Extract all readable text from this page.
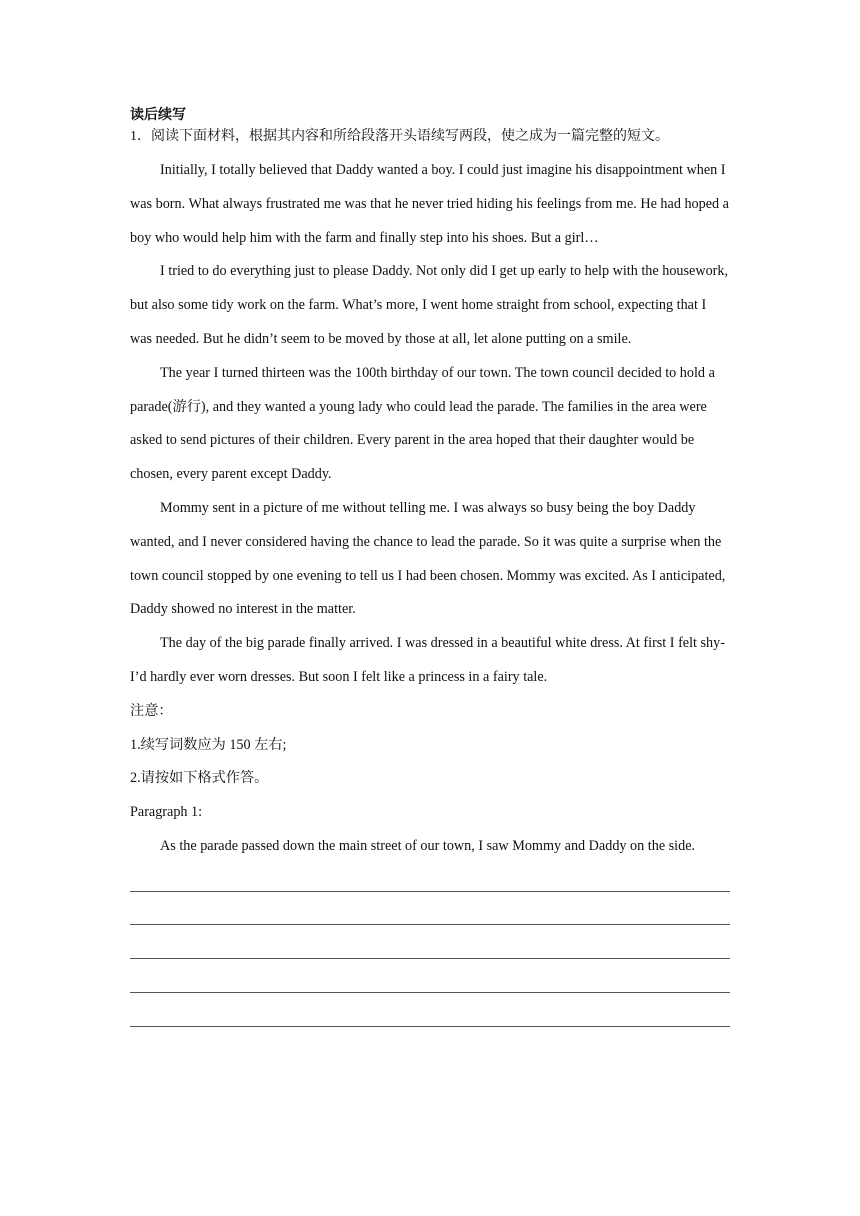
读后续写

1．阅读下面材料，根据其内容和所给段落开头语续写两段，使之成为一篇完整的短文。

Initially, I totally believed that Daddy wanted a boy. I could just imagine his disappointment when I was born. What always frustrated me was that he never tried hiding his feelings from me. He had hoped a boy who would help him with the farm and finally step into his shoes. But a girl…

I tried to do everything just to please Daddy. Not only did I get up early to help with the housework, but also some tidy work on the farm. What’s more, I went home straight from school, expecting that I was needed. But he didn’t seem to be moved by those at all, let alone putting on a smile.

The year I turned thirteen was the 100th birthday of our town. The town council decided to hold a parade(游行), and they wanted a young lady who could lead the parade. The families in the area were asked to send pictures of their children. Every parent in the area hoped that their daughter would be chosen, every parent except Daddy.

Mommy sent in a picture of me without telling me. I was always so busy being the boy Daddy wanted, and I never considered having the chance to lead the parade. So it was quite a surprise when the town council stopped by one evening to tell us I had been chosen. Mommy was excited. As I anticipated, Daddy showed no interest in the matter.

The day of the big parade finally arrived. I was dressed in a beautiful white dress. At first I felt shy-I’d hardly ever worn dresses. But soon I felt like a princess in a fairy tale.

注意：

1.续写词数应为 150 左右;

2.请按如下格式作答。

Paragraph 1:

As the parade passed down the main street of our town, I saw Mommy and Daddy on the side.
